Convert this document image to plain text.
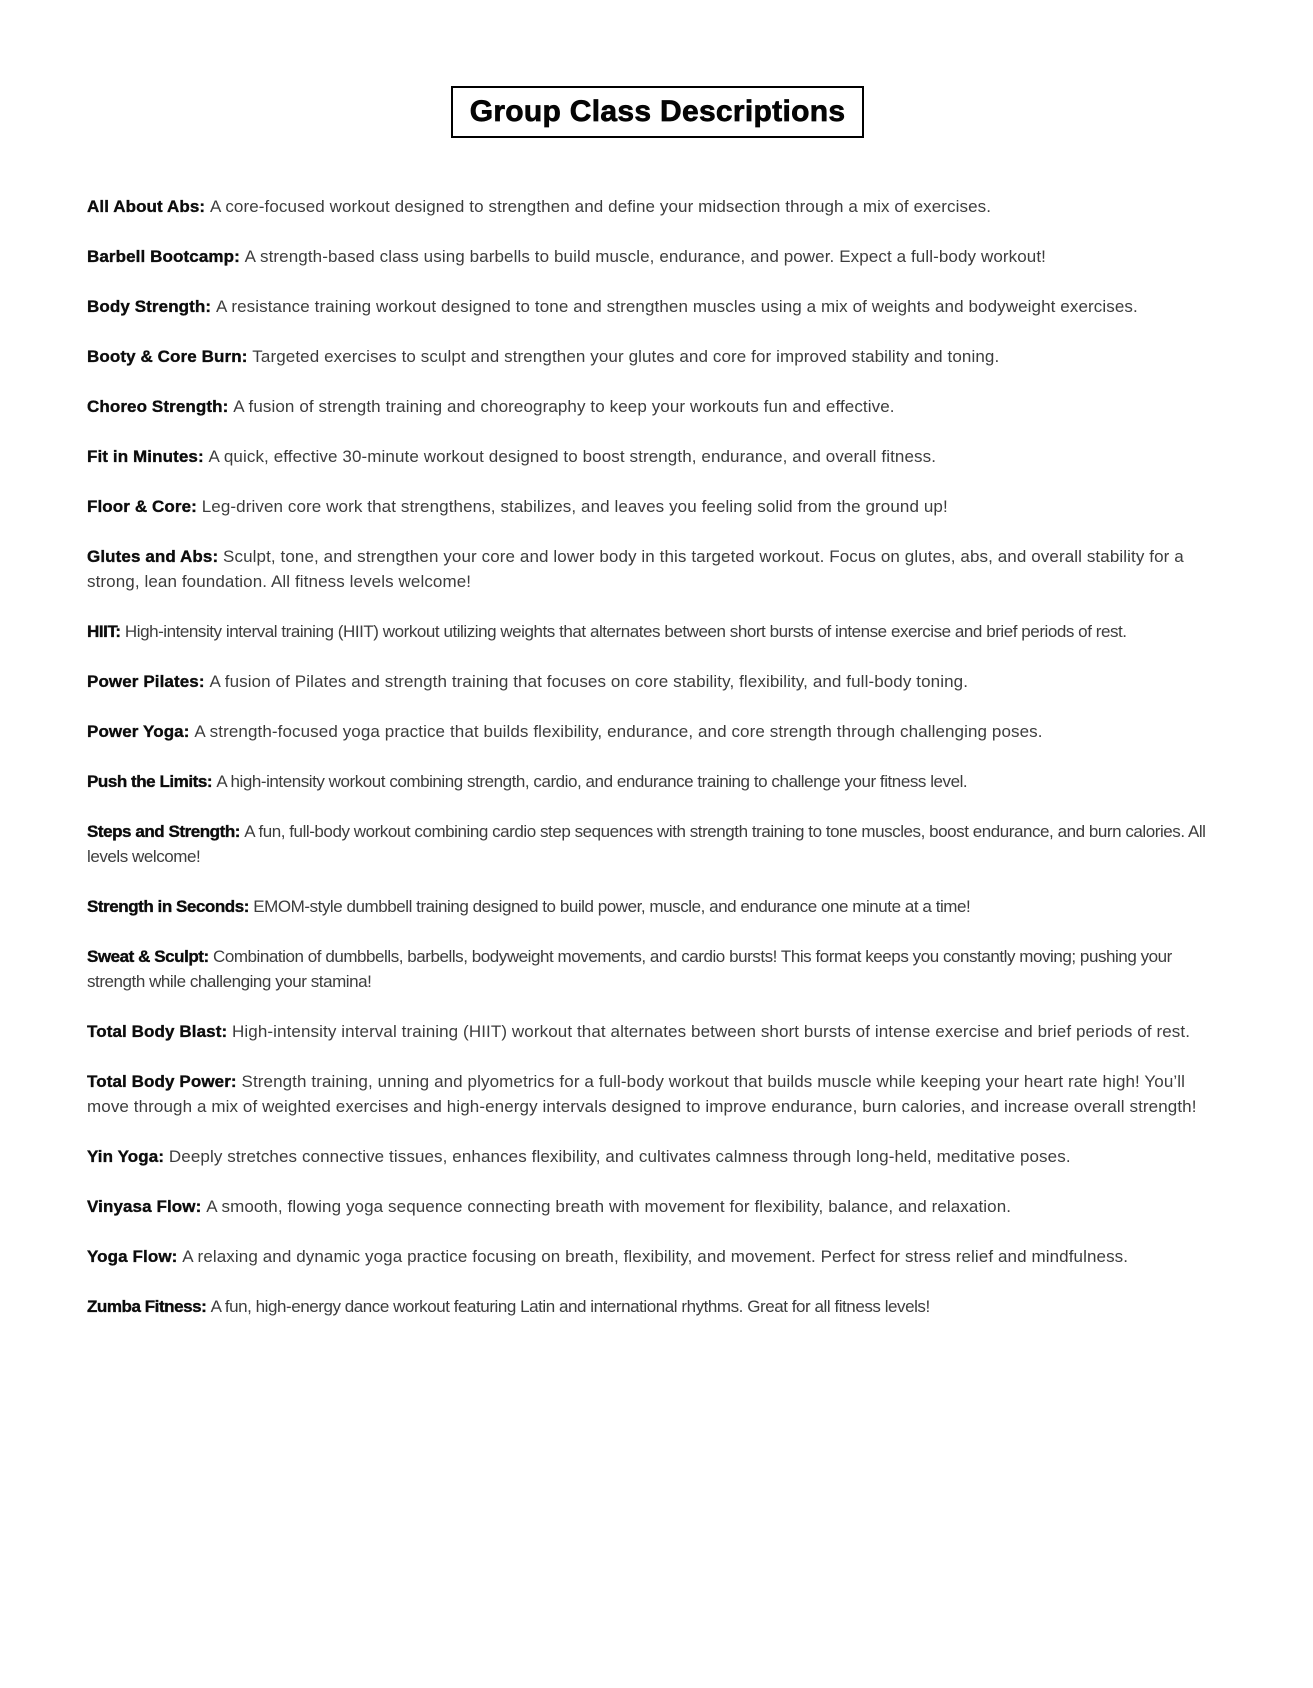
Group Class Descriptions

All About Abs: A core-focused workout designed to strengthen and define your midsection through a mix of exercises.

Barbell Bootcamp: A strength-based class using barbells to build muscle, endurance, and power. Expect a full-body workout!

Body Strength: A resistance training workout designed to tone and strengthen muscles using a mix of weights and bodyweight exercises.

Booty & Core Burn: Targeted exercises to sculpt and strengthen your glutes and core for improved stability and toning.

Choreo Strength: A fusion of strength training and choreography to keep your workouts fun and effective.

Fit in Minutes: A quick, effective 30-minute workout designed to boost strength, endurance, and overall fitness.

Floor & Core: Leg-driven core work that strengthens, stabilizes, and leaves you feeling solid from the ground up!

Glutes and Abs: Sculpt, tone, and strengthen your core and lower body in this targeted workout. Focus on glutes, abs, and overall stability for a strong, lean foundation. All fitness levels welcome!

HIIT: High-intensity interval training (HIIT) workout utilizing weights that alternates between short bursts of intense exercise and brief periods of rest.

Power Pilates: A fusion of Pilates and strength training that focuses on core stability, flexibility, and full-body toning.

Power Yoga: A strength-focused yoga practice that builds flexibility, endurance, and core strength through challenging poses.

Push the Limits: A high-intensity workout combining strength, cardio, and endurance training to challenge your fitness level.

Steps and Strength: A fun, full-body workout combining cardio step sequences with strength training to tone muscles, boost endurance, and burn calories. All levels welcome!

Strength in Seconds: EMOM-style dumbbell training designed to build power, muscle, and endurance one minute at a time!

Sweat & Sculpt: Combination of dumbbells, barbells, bodyweight movements, and cardio bursts! This format keeps you constantly moving; pushing your strength while challenging your stamina!

Total Body Blast: High-intensity interval training (HIIT) workout that alternates between short bursts of intense exercise and brief periods of rest.

Total Body Power: Strength training, unning and plyometrics for a full-body workout that builds muscle while keeping your heart rate high! You’ll move through a mix of weighted exercises and high-energy intervals designed to improve endurance, burn calories, and increase overall strength!

Yin Yoga: Deeply stretches connective tissues, enhances flexibility, and cultivates calmness through long-held, meditative poses.

Vinyasa Flow: A smooth, flowing yoga sequence connecting breath with movement for flexibility, balance, and relaxation.

Yoga Flow: A relaxing and dynamic yoga practice focusing on breath, flexibility, and movement. Perfect for stress relief and mindfulness.

Zumba Fitness: A fun, high-energy dance workout featuring Latin and international rhythms. Great for all fitness levels!
